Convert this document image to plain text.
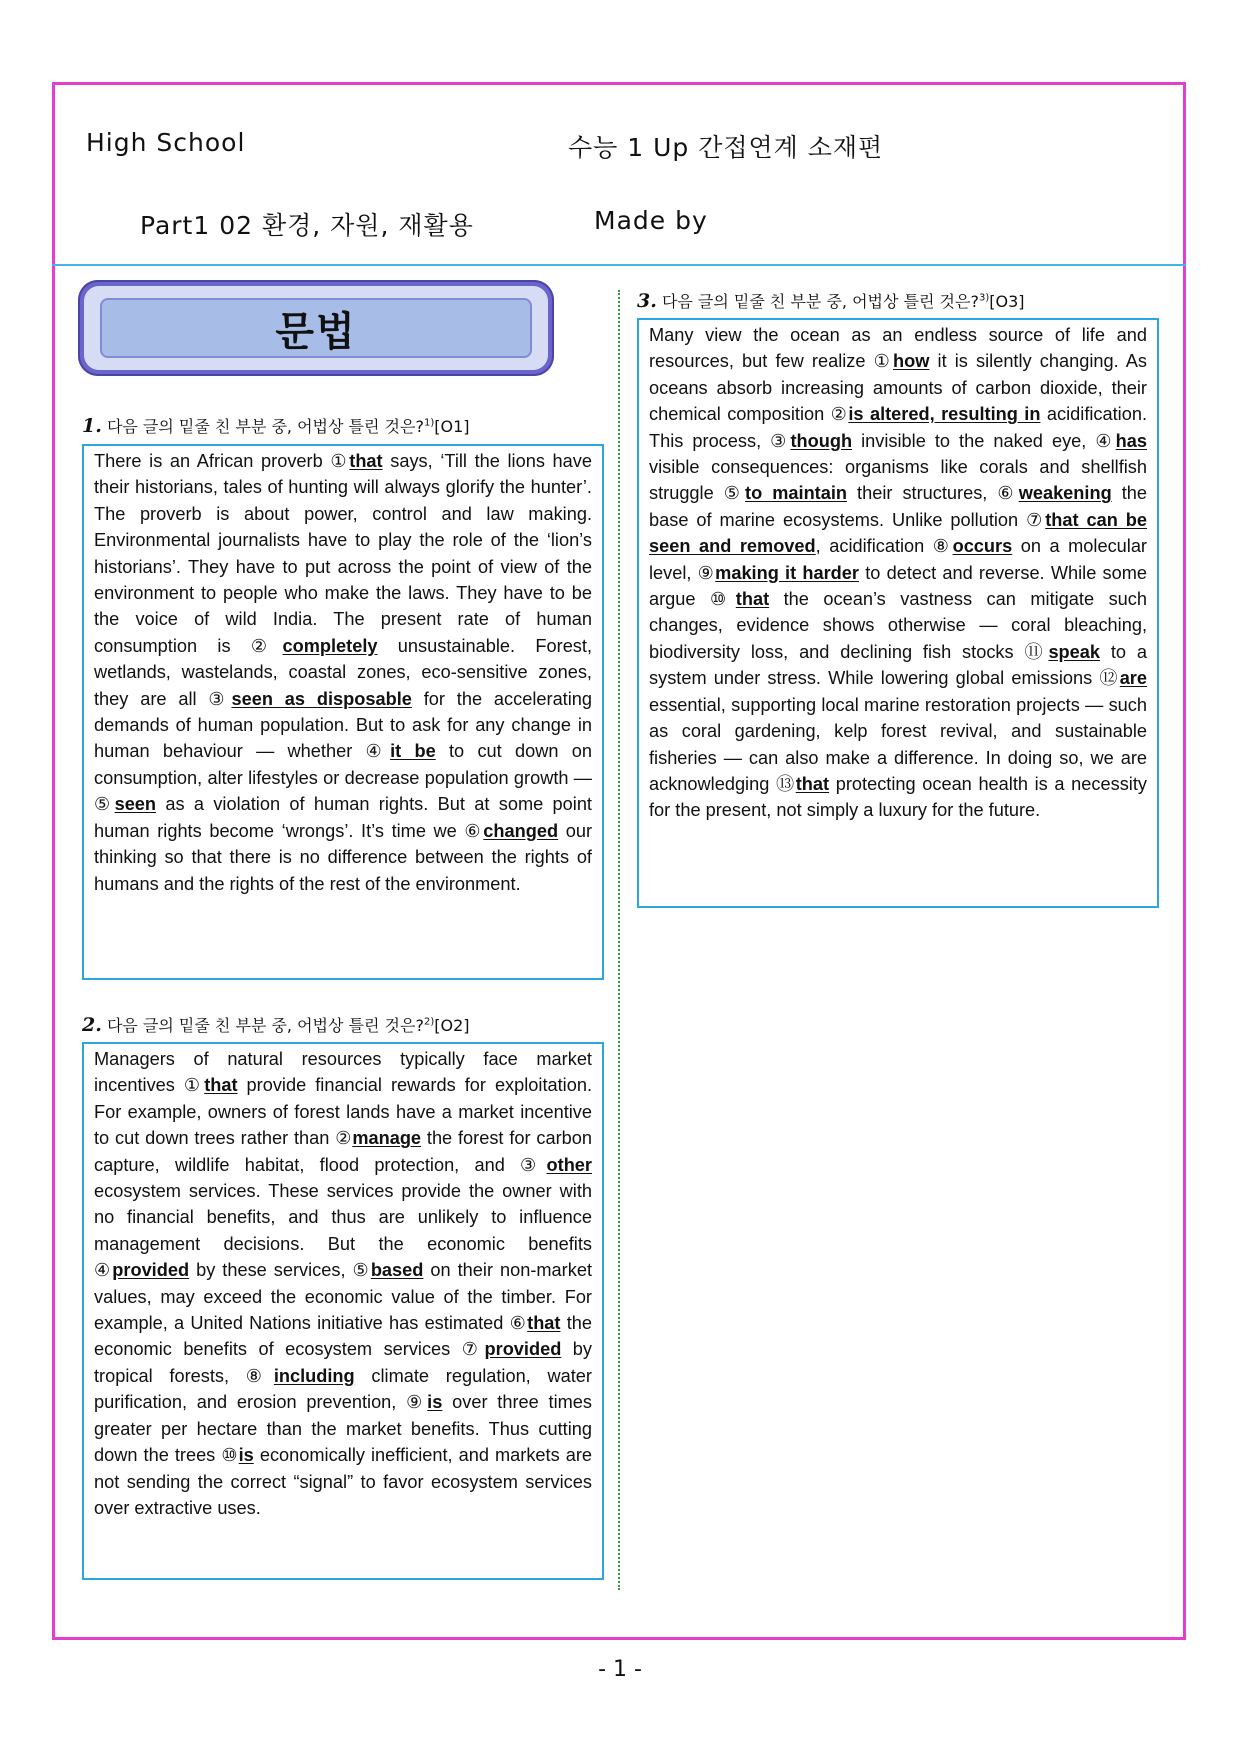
High School	수능 1 Up 간접연계 소재편
Part1 02 환경, 자원, 재활용	Made by
문법
1. 다음 글의 밑줄 친 부분 중, 어법상 틀린 것은?$^{1)}$[O1]
There is an African proverb ①that says, ‘Till the lions have their historians, tales of hunting will always glorify the hunter’. The proverb is about power, control and law making. Environmental journalists have to play the role of the ‘lion’s historians’. They have to put across the point of view of the environment to people who make the laws. They have to be the voice of wild India. The present rate of human consumption is ②completely unsustainable. Forest, wetlands, wastelands, coastal zones, eco-sensitive zones, they are all ③seen as disposable for the accelerating demands of human population. But to ask for any change in human behaviour — whether ④it be to cut down on consumption, alter lifestyles or decrease population growth — ⑤seen as a violation of human rights. But at some point human rights become ‘wrongs’. It’s time we ⑥changed our thinking so that there is no difference between the rights of humans and the rights of the rest of the environment.
2. 다음 글의 밑줄 친 부분 중, 어법상 틀린 것은?$^{2)}$[O2]
Managers of natural resources typically face market incentives ①that provide financial rewards for exploitation. For example, owners of forest lands have a market incentive to cut down trees rather than ②manage the forest for carbon capture, wildlife habitat, flood protection, and ③other ecosystem services. These services provide the owner with no financial benefits, and thus are unlikely to influence management decisions. But the economic benefits ④provided by these services, ⑤based on their non-market values, may exceed the economic value of the timber. For example, a United Nations initiative has estimated ⑥that the economic benefits of ecosystem services ⑦provided by tropical forests, ⑧including climate regulation, water purification, and erosion prevention, ⑨is over three times greater per hectare than the market benefits. Thus cutting down the trees ⑩is economically inefficient, and markets are not sending the correct “signal” to favor ecosystem services over extractive uses.
3. 다음 글의 밑줄 친 부분 중, 어법상 틀린 것은?$^{3)}$[O3]
Many view the ocean as an endless source of life and resources, but few realize ①how it is silently changing. As oceans absorb increasing amounts of carbon dioxide, their chemical composition ②is altered, resulting in acidification. This process, ③though invisible to the naked eye, ④has visible consequences: organisms like corals and shellfish struggle ⑤to maintain their structures, ⑥weakening the base of marine ecosystems. Unlike pollution ⑦that can be seen and removed, acidification ⑧occurs on a molecular level, ⑨making it harder to detect and reverse. While some argue ⑩that the ocean’s vastness can mitigate such changes, evidence shows otherwise — coral bleaching, biodiversity loss, and declining fish stocks ⑪speak to a system under stress. While lowering global emissions ⑫are essential, supporting local marine restoration projects — such as coral gardening, kelp forest revival, and sustainable fisheries — can also make a difference. In doing so, we are acknowledging ⑬that protecting ocean health is a necessity for the present, not simply a luxury for the future.
- 1 -
